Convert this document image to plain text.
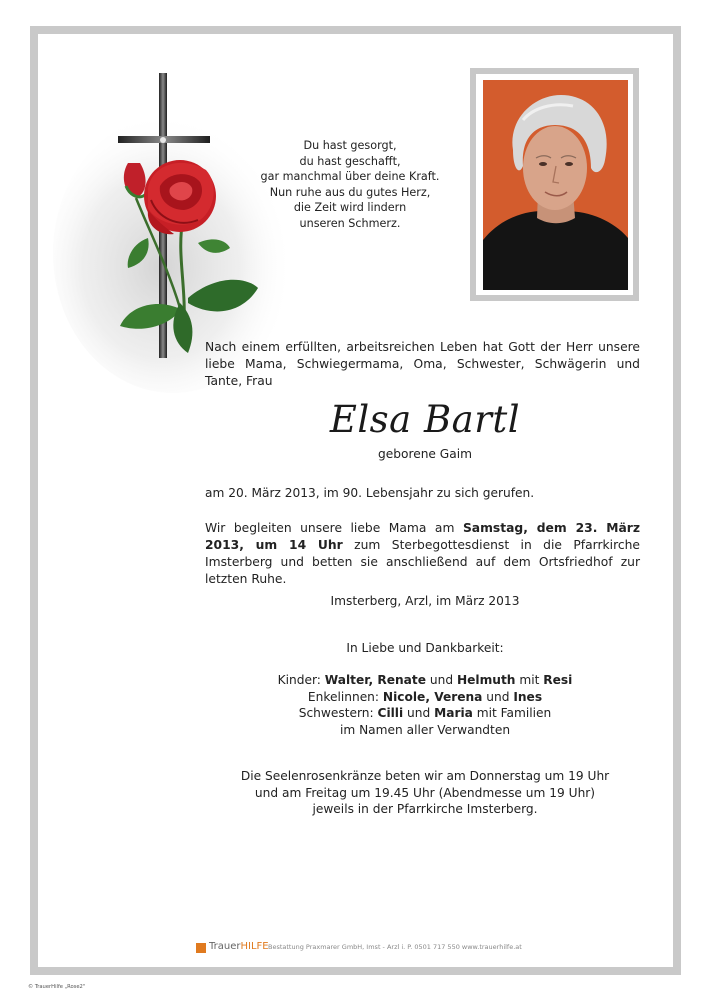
Du hast gesorgt,
du hast geschafft,
gar manchmal über deine Kraft.
Nun ruhe aus du gutes Herz,
die Zeit wird lindern
unseren Schmerz.
Nach einem erfüllten, arbeitsreichen Leben hat Gott der Herr unsere liebe Mama, Schwiegermama, Oma, Schwester, Schwägerin und Tante, Frau
Elsa Bartl
geborene Gaim
am 20. März 2013, im 90. Lebensjahr zu sich gerufen.
Wir begleiten unsere liebe Mama am Samstag, dem 23. März 2013, um 14 Uhr zum Sterbegottesdienst in die Pfarrkirche Imsterberg und betten sie anschließend auf dem Ortsfriedhof zur letzten Ruhe.
Imsterberg, Arzl, im März 2013
In Liebe und Dankbarkeit:
Kinder: Walter, Renate und Helmuth mit Resi
Enkelinnen: Nicole, Verena und Ines
Schwestern: Cilli und Maria mit Familien
im Namen aller Verwandten
Die Seelenrosenkränze beten wir am Donnerstag um 19 Uhr
und am Freitag um 19.45 Uhr (Abendmesse um 19 Uhr)
jeweils in der Pfarrkirche Imsterberg.
TrauerHILFE Bestattung Praxmarer GmbH, Imst - Arzl i. P. 0501 717 550 www.trauerhilfe.at
© TrauerHilfe „Rose2"
